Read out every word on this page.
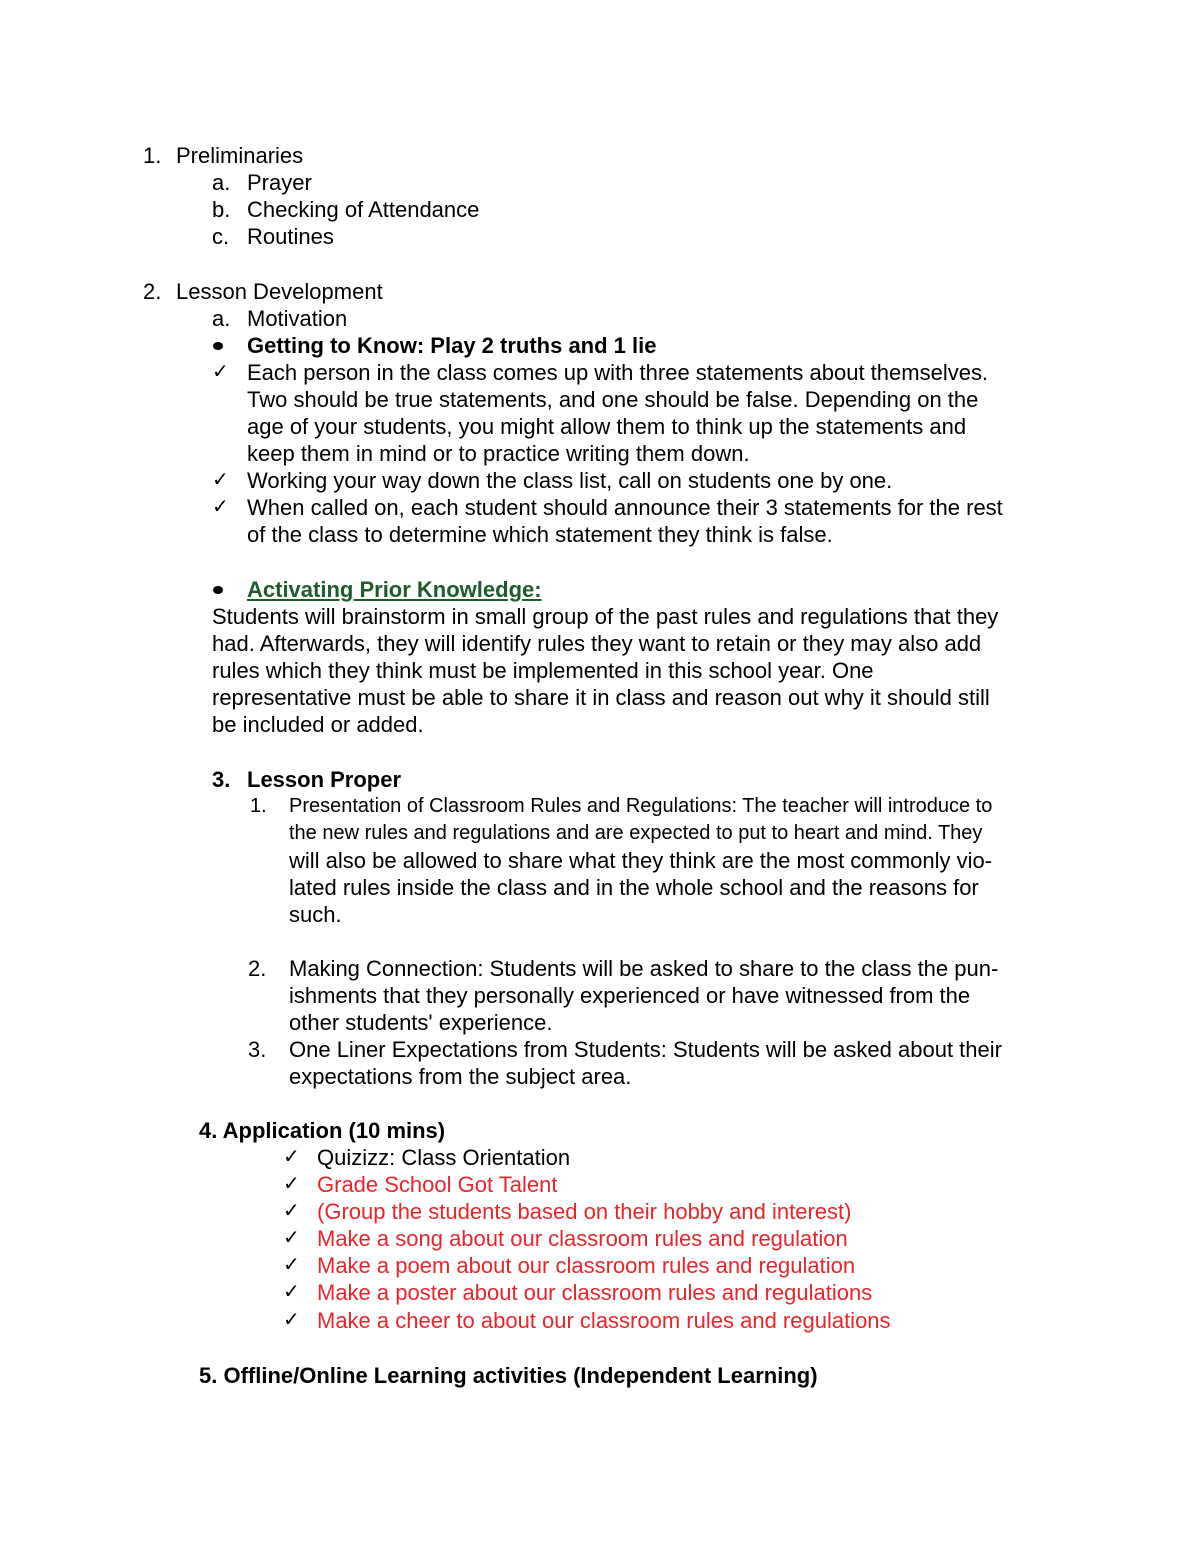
1. Preliminaries
a. Prayer
b. Checking of Attendance
c. Routines
2. Lesson Development
a. Motivation
Getting to Know: Play 2 truths and 1 lie
✓ Each person in the class comes up with three statements about themselves.
Two should be true statements, and one should be false. Depending on the
age of your students, you might allow them to think up the statements and
keep them in mind or to practice writing them down.
✓ Working your way down the class list, call on students one by one.
✓ When called on, each student should announce their 3 statements for the rest
of the class to determine which statement they think is false.
Activating Prior Knowledge:
Students will brainstorm in small group of the past rules and regulations that they
had. Afterwards, they will identify rules they want to retain or they may also add
rules which they think must be implemented in this school year. One
representative must be able to share it in class and reason out why it should still
be included or added.
3. Lesson Proper
1. Presentation of Classroom Rules and Regulations: The teacher will introduce to
the new rules and regulations and are expected to put to heart and mind. They
will also be allowed to share what they think are the most commonly vio-
lated rules inside the class and in the whole school and the reasons for
such.
2. Making Connection: Students will be asked to share to the class the pun-
ishments that they personally experienced or have witnessed from the
other students' experience.
3. One Liner Expectations from Students: Students will be asked about their
expectations from the subject area.
4. Application (10 mins)
✓ Quizizz: Class Orientation
✓ Grade School Got Talent
✓ (Group the students based on their hobby and interest)
✓ Make a song about our classroom rules and regulation
✓ Make a poem about our classroom rules and regulation
✓ Make a poster about our classroom rules and regulations
✓ Make a cheer to about our classroom rules and regulations
5. Offline/Online Learning activities (Independent Learning)
